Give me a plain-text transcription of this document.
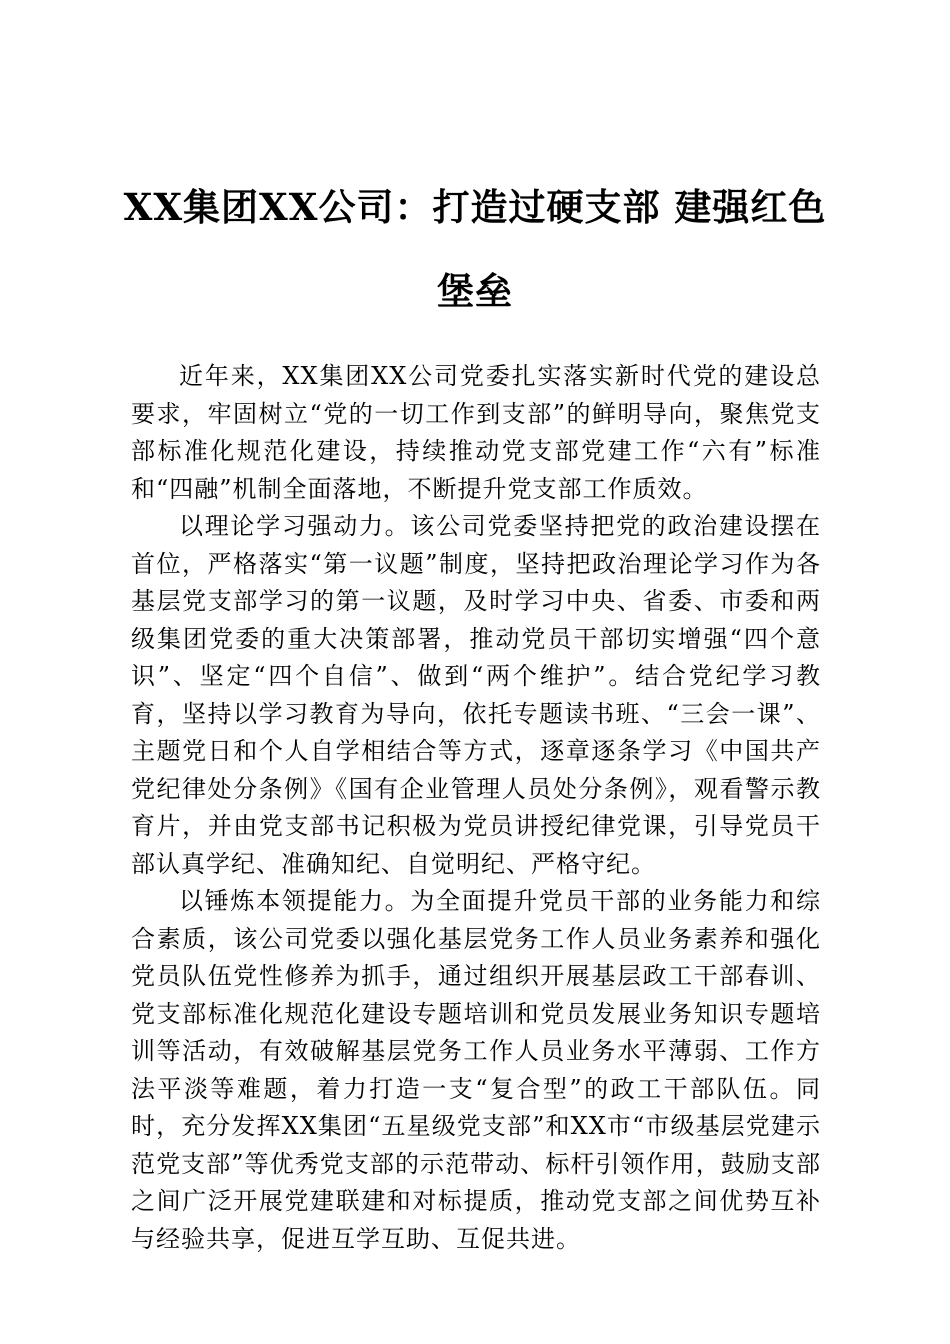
XX集团XX公司：打造过硬支部 建强红色堡垒

近年来，XX集团XX公司党委扎实落实新时代党的建设总要求，牢固树立“党的一切工作到支部”的鲜明导向，聚焦党支部标准化规范化建设，持续推动党支部党建工作“六有”标准和“四融”机制全面落地，不断提升党支部工作质效。

以理论学习强动力。该公司党委坚持把党的政治建设摆在首位，严格落实“第一议题”制度，坚持把政治理论学习作为各基层党支部学习的第一议题，及时学习中央、省委、市委和两级集团党委的重大决策部署，推动党员干部切实增强“四个意识”、坚定“四个自信”、做到“两个维护”。结合党纪学习教育，坚持以学习教育为导向，依托专题读书班、“三会一课”、主题党日和个人自学相结合等方式，逐章逐条学习《中国共产党纪律处分条例》《国有企业管理人员处分条例》，观看警示教育片，并由党支部书记积极为党员讲授纪律党课，引导党员干部认真学纪、准确知纪、自觉明纪、严格守纪。

以锤炼本领提能力。为全面提升党员干部的业务能力和综合素质，该公司党委以强化基层党务工作人员业务素养和强化党员队伍党性修养为抓手，通过组织开展基层政工干部春训、党支部标准化规范化建设专题培训和党员发展业务知识专题培训等活动，有效破解基层党务工作人员业务水平薄弱、工作方法平淡等难题，着力打造一支“复合型”的政工干部队伍。同时，充分发挥XX集团“五星级党支部”和XX市“市级基层党建示范党支部”等优秀党支部的示范带动、标杆引领作用，鼓励支部之间广泛开展党建联建和对标提质，推动党支部之间优势互补与经验共享，促进互学互助、互促共进。
